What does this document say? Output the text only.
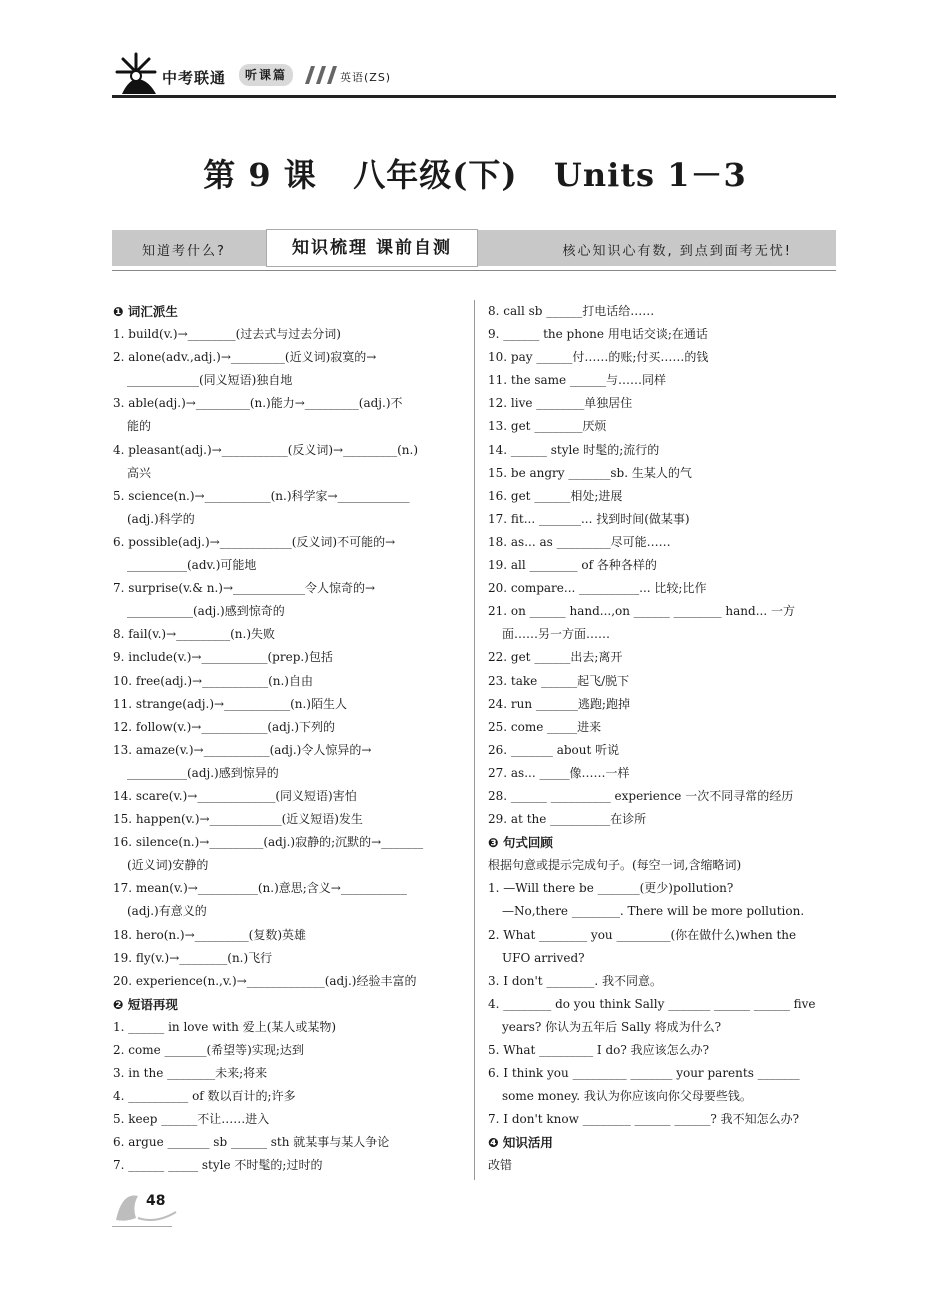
中考联通	听课篇	英语(ZS)
第 9 课   八年级(下)   Units 1－3
知道考什么?	知识梳理 课前自测	核心知识心有数, 到点到面考无忧!
❶ 词汇派生
1. build(v.)→________(过去式与过去分词)
2. alone(adv.,adj.)→_________(近义词)寂寞的→
____________(同义短语)独自地
3. able(adj.)→_________(n.)能力→_________(adj.)不
能的
4. pleasant(adj.)→___________(反义词)→_________(n.)
高兴
5. science(n.)→___________(n.)科学家→____________
(adj.)科学的
6. possible(adj.)→____________(反义词)不可能的→
__________(adv.)可能地
7. surprise(v.& n.)→____________令人惊奇的→
___________(adj.)感到惊奇的
8. fail(v.)→_________(n.)失败
9. include(v.)→___________(prep.)包括
10. free(adj.)→___________(n.)自由
11. strange(adj.)→___________(n.)陌生人
12. follow(v.)→___________(adj.)下列的
13. amaze(v.)→___________(adj.)令人惊异的→
__________(adj.)感到惊异的
14. scare(v.)→_____________(同义短语)害怕
15. happen(v.)→____________(近义短语)发生
16. silence(n.)→_________(adj.)寂静的;沉默的→_______
(近义词)安静的
17. mean(v.)→__________(n.)意思;含义→___________
(adj.)有意义的
18. hero(n.)→_________(复数)英雄
19. fly(v.)→________(n.)飞行
20. experience(n.,v.)→_____________(adj.)经验丰富的
❷ 短语再现
1. ______ in love with 爱上(某人或某物)
2. come _______(希望等)实现;达到
3. in the ________未来;将来
4. __________ of 数以百计的;许多
5. keep ______不让……进入
6. argue _______ sb ______ sth 就某事与某人争论
7. ______ _____ style 不时髦的;过时的
8. call sb ______打电话给……
9. ______ the phone 用电话交谈;在通话
10. pay ______付……的账;付买……的钱
11. the same ______与……同样
12. live ________单独居住
13. get ________厌烦
14. ______ style 时髦的;流行的
15. be angry _______sb. 生某人的气
16. get ______相处;进展
17. fit... _______... 找到时间(做某事)
18. as... as _________尽可能……
19. all ________ of 各种各样的
20. compare... __________... 比较;比作
21. on ______ hand...,on ______ ________ hand... 一方
面……另一方面……
22. get ______出去;离开
23. take ______起飞/脱下
24. run _______逃跑;跑掉
25. come _____进来
26. _______ about 听说
27. as... _____像……一样
28. ______ __________ experience 一次不同寻常的经历
29. at the __________在诊所
❸ 句式回顾
根据句意或提示完成句子。(每空一词,含缩略词)
1. —Will there be _______(更少)pollution?
—No,there ________. There will be more pollution.
2. What ________ you _________(你在做什么)when the
UFO arrived?
3. I don't ________. 我不同意。
4. ________ do you think Sally _______ ______ ______ five
years? 你认为五年后 Sally 将成为什么?
5. What _________ I do? 我应该怎么办?
6. I think you _________ _______ your parents _______
some money. 我认为你应该向你父母要些钱。
7. I don't know ________ ______ ______? 我不知怎么办?
❹ 知识活用
改错
48
